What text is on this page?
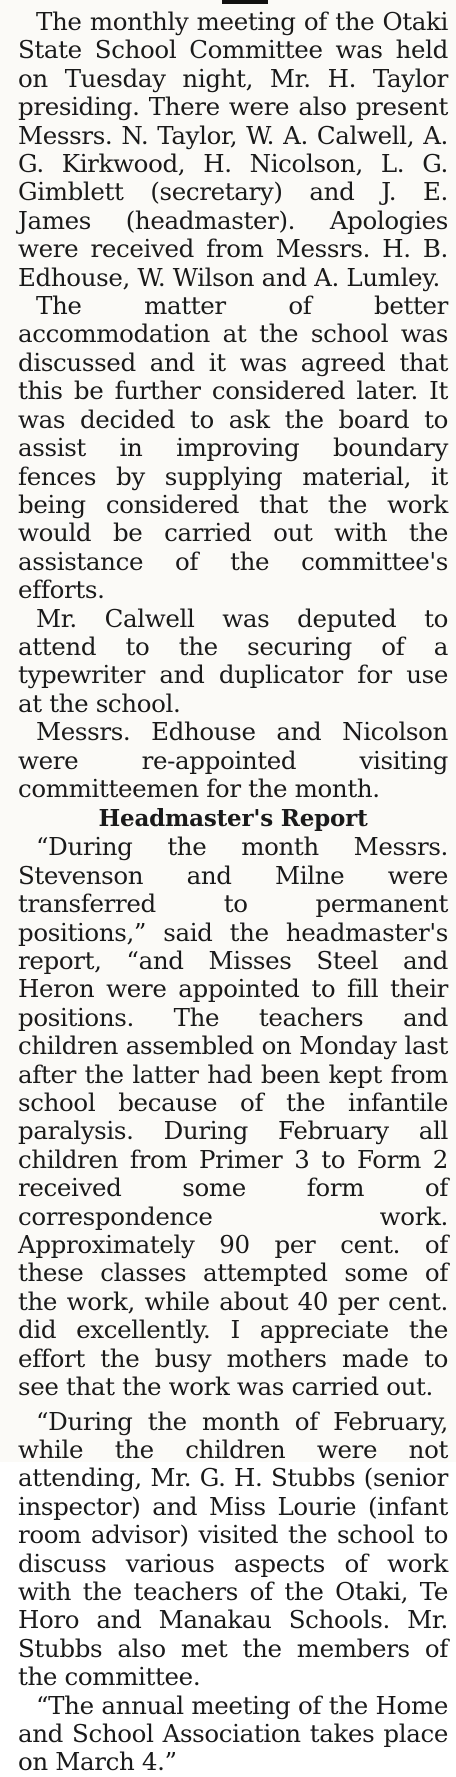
The monthly meeting of the Otaki State School Committee was held on Tuesday night, Mr. H. Taylor presiding. There were also present Messrs. N. Taylor, W. A. Calwell, A. G. Kirkwood, H. Nicolson, L. G. Gimblett (secretary) and J. E. James (headmaster). Apologies were received from Messrs. H. B. Edhouse, W. Wilson and A. Lumley.

The matter of better accommodation at the school was discussed and it was agreed that this be further considered later. It was decided to ask the board to assist in improving boundary fences by supplying material, it being considered that the work would be carried out with the assistance of the committee's efforts.

Mr. Calwell was deputed to attend to the securing of a typewriter and duplicator for use at the school.

Messrs. Edhouse and Nicolson were re-appointed visiting committeemen for the month.

Headmaster's Report

“During the month Messrs. Stevenson and Milne were transferred to permanent positions,” said the headmaster's report, “and Misses Steel and Heron were appointed to fill their positions. The teachers and children assembled on Monday last after the latter had been kept from school because of the infantile paralysis. During February all children from Primer 3 to Form 2 received some form of correspondence work. Approximately 90 per cent. of these classes attempted some of the work, while about 40 per cent. did excellently. I appreciate the effort the busy mothers made to see that the work was carried out.

“During the month of February, while the children were not attending, Mr. G. H. Stubbs (senior inspector) and Miss Lourie (infant room advisor) visited the school to discuss various aspects of work with the teachers of the Otaki, Te Horo and Manakau Schools. Mr. Stubbs also met the members of the committee.

“The annual meeting of the Home and School Association takes place on March 4.”
